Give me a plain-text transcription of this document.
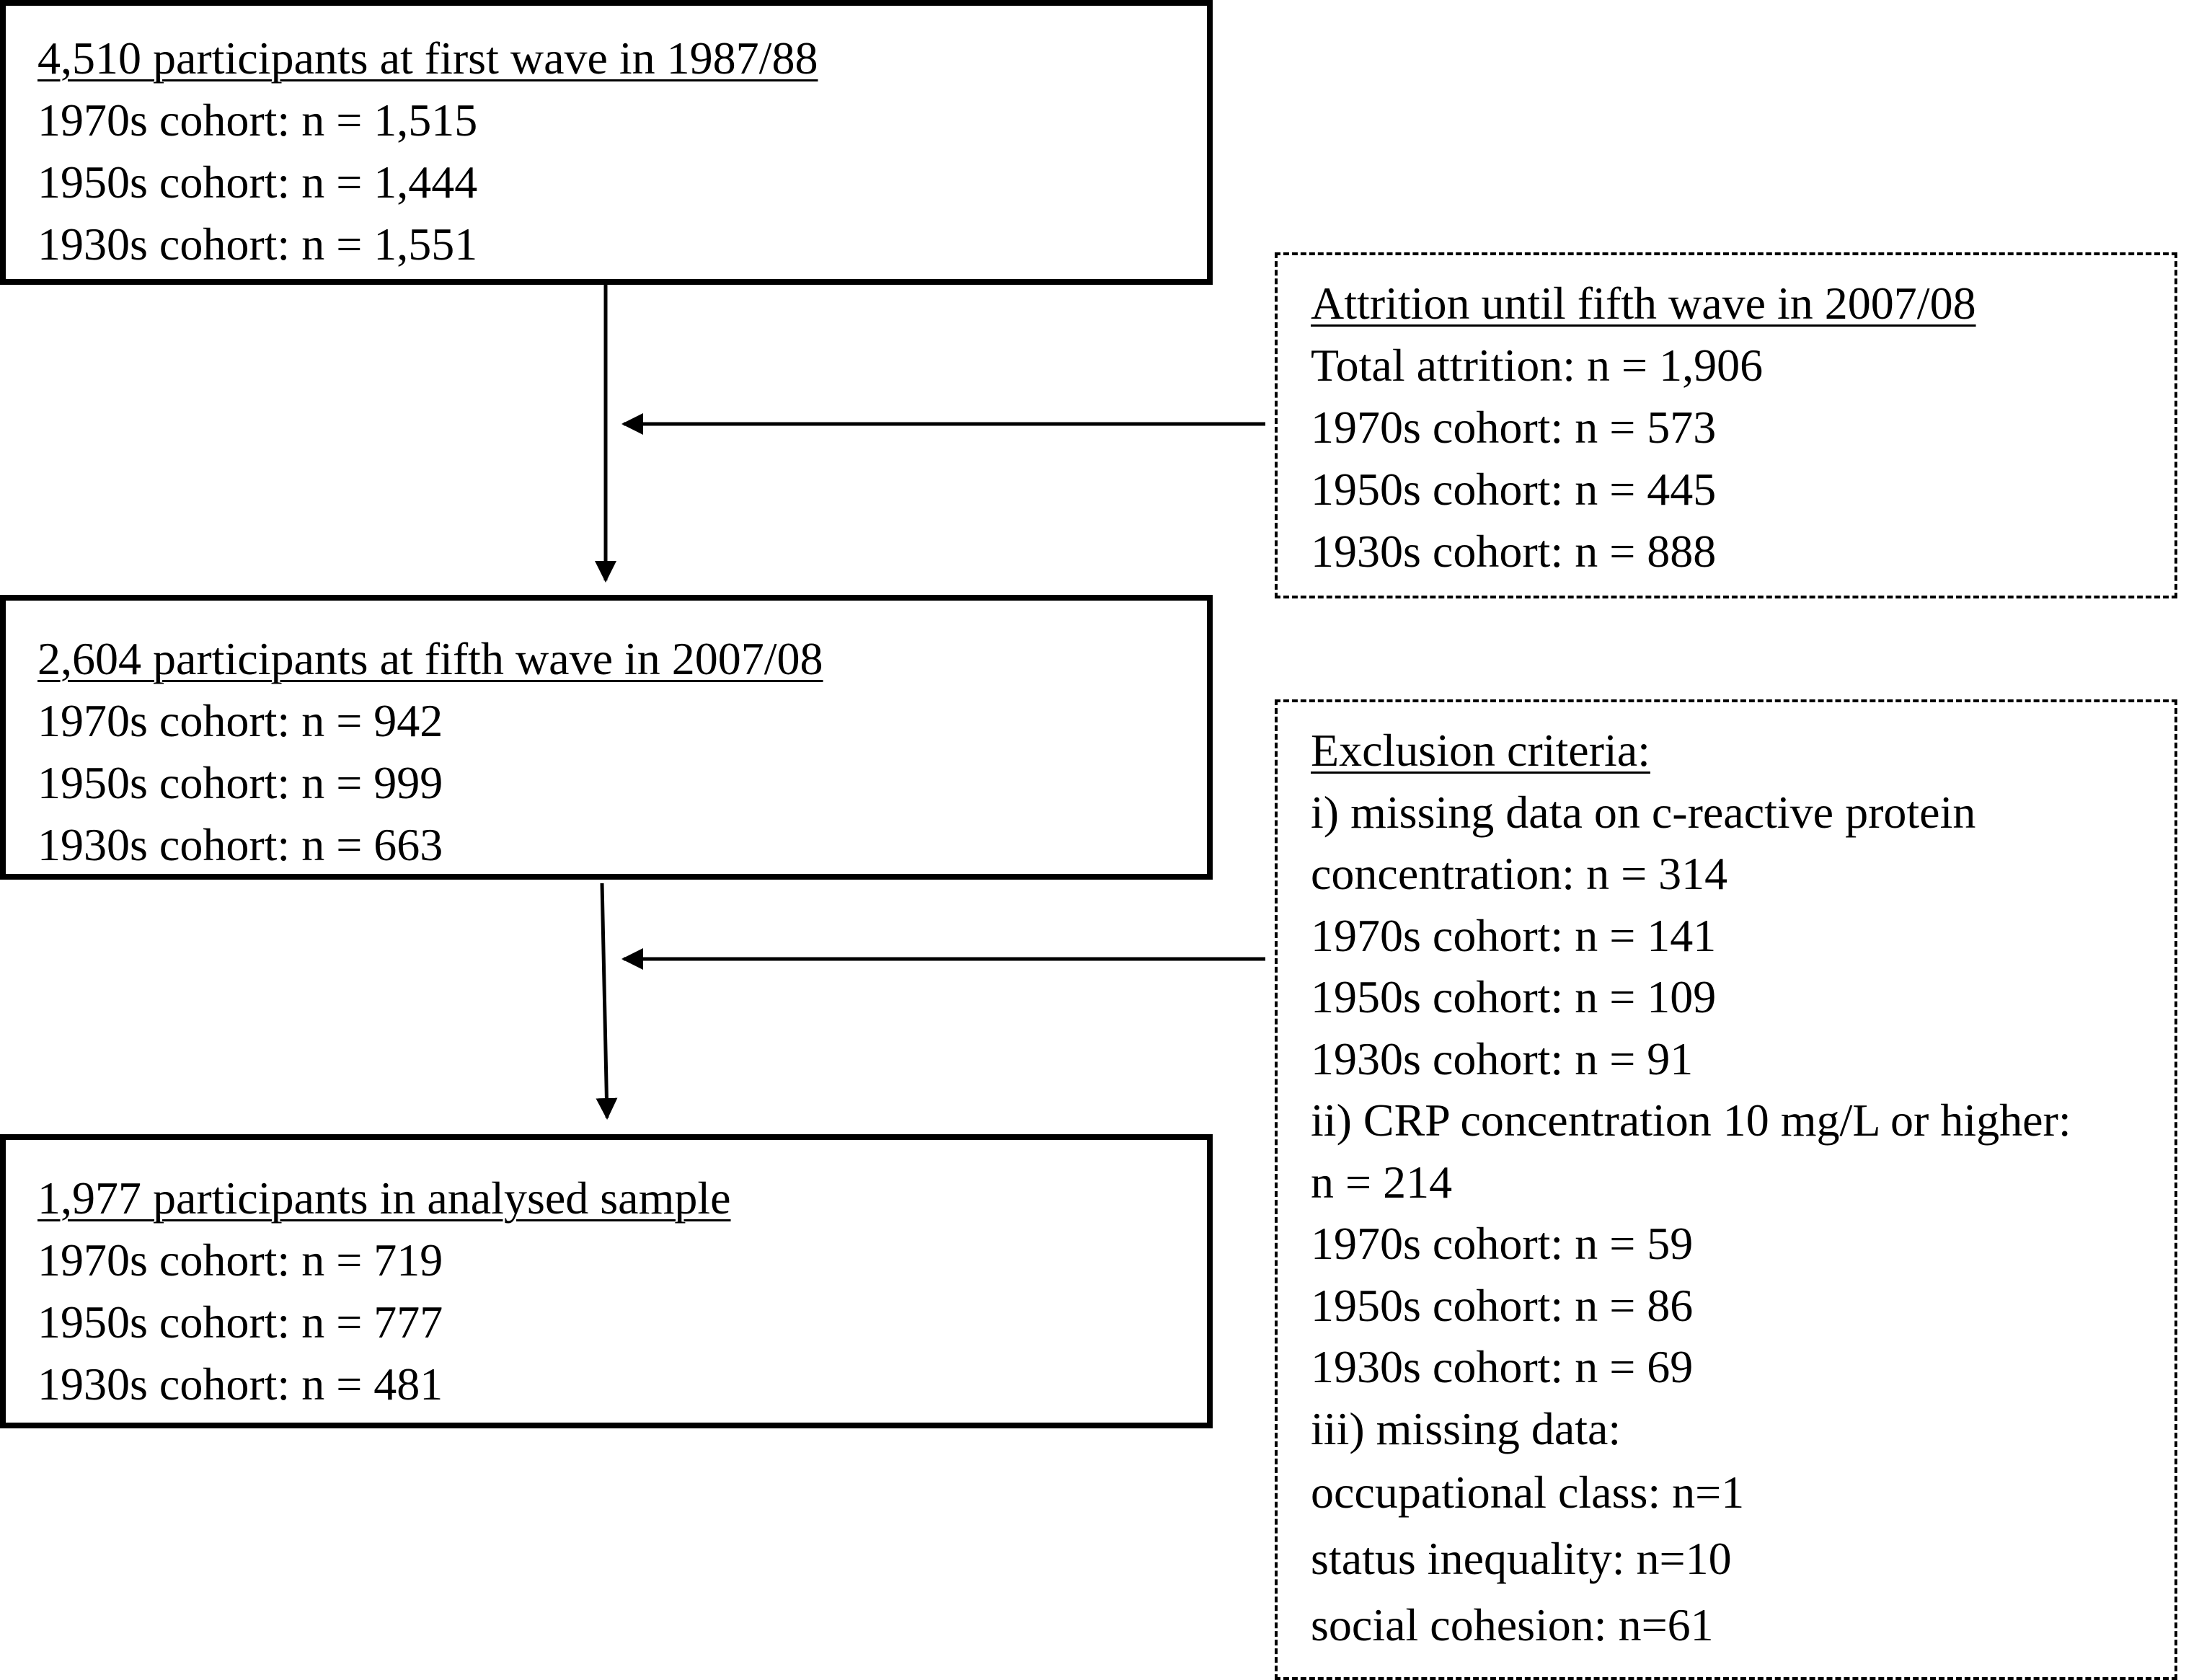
4,510 participants at first wave in 1987/88
1970s cohort: n = 1,515
1950s cohort: n = 1,444
1930s cohort: n = 1,551
Attrition until fifth wave in 2007/08
Total attrition: n = 1,906
1970s cohort: n = 573
1950s cohort: n = 445
1930s cohort: n = 888
2,604 participants at fifth wave in 2007/08
1970s cohort: n = 942
1950s cohort: n = 999
1930s cohort: n = 663
Exclusion criteria:
i) missing data on c-reactive protein
concentration: n = 314
1970s cohort: n = 141
1950s cohort: n = 109
1930s cohort: n = 91
ii) CRP concentration 10 mg/L or higher:
n = 214
1970s cohort: n = 59
1950s cohort: n = 86
1930s cohort: n = 69
iii) missing data:
occupational class: n=1
status inequality: n=10
social cohesion: n=61
1,977 participants in analysed sample
1970s cohort: n = 719
1950s cohort: n = 777
1930s cohort: n = 481
